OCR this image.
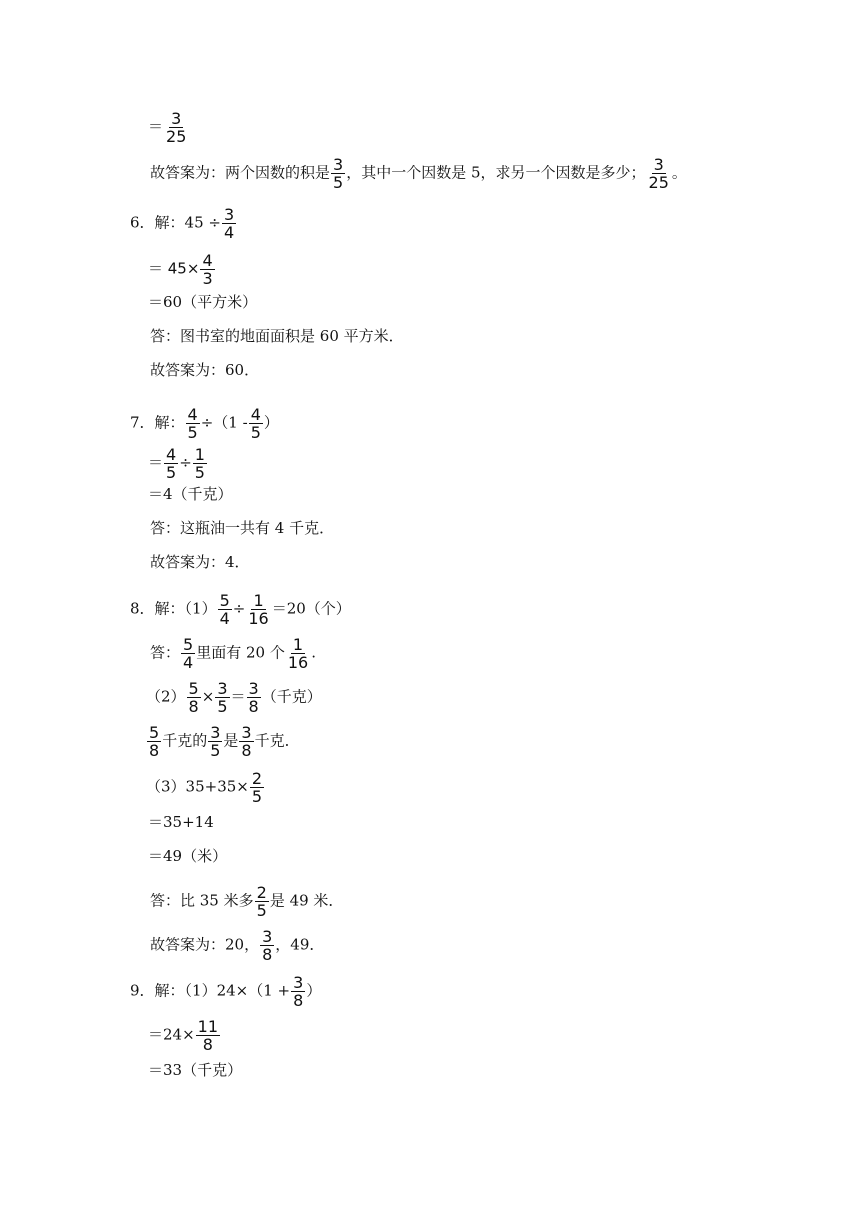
＝ $\frac{3}{25}$
故答案为：两个因数的积是 $\frac{3}{5}$ ，其中一个因数是 5，求另一个因数是多少； $\frac{3}{25}$ 。
6．解：$45 \div \frac{3}{4}$
＝ $45\times \frac{4}{3}$
＝60（平方米）
答：图书室的地面面积是 60 平方米．
故答案为：60．
7．解： $\frac{4}{5} \div(1 - \frac{4}{5}$ ）
＝ $\frac{4}{5} \div \frac{1}{5}$
＝4（千克）
答：这瓶油一共有 4 千克．
故答案为：4．
8．解：$(1) \frac{5}{4} \div \frac{1}{16} =20$（个）
答： $\frac{5}{4}$ 里面有 20 个 $\frac{1}{16}$ .
$(2) \frac{5}{8} \times \frac{3}{5} = \frac{3}{8}$ （千克）
$\frac{5}{8}$ 千克的 $\frac{3}{5}$ 是 $\frac{3}{8}$ 千克．
$(3)35+35\times \frac{2}{5}$
＝35+14
＝49（米）
答：比 35 米多 $\frac{2}{5}$ 是 49 米．
故答案为：20， $\frac{3}{8}$ ，49．
9．解：$(1)24\times(1 + \frac{3}{8}$ ）
$=24\times \frac{11}{8}$
＝33（千克）
